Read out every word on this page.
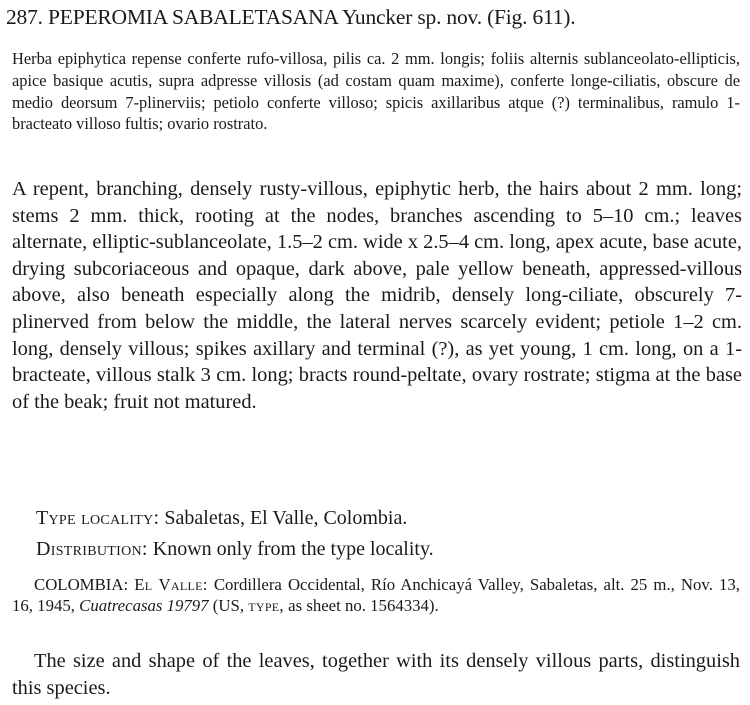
287. PEPEROMIA SABALETASANA Yuncker sp. nov. (Fig. 611).
Herba epiphytica repense conferte rufo-villosa, pilis ca. 2 mm. longis; foliis alternis sublanceolato-ellipticis, apice basique acutis, supra adpresse villosis (ad costam quam maxime), conferte longe-ciliatis, obscure de medio deorsum 7-plinerviis; petiolo conferte villoso; spicis axillaribus atque (?) terminalibus, ramulo 1-bracteato villoso fultis; ovario rostrato.
A repent, branching, densely rusty-villous, epiphytic herb, the hairs about 2 mm. long; stems 2 mm. thick, rooting at the nodes, branches ascending to 5–10 cm.; leaves alternate, elliptic-sublanceolate, 1.5–2 cm. wide x 2.5–4 cm. long, apex acute, base acute, drying subcoriaceous and opaque, dark above, pale yellow beneath, appressed-villous above, also beneath especially along the midrib, densely long-ciliate, obscurely 7-plinerved from below the middle, the lateral nerves scarcely evident; petiole 1–2 cm. long, densely villous; spikes axillary and terminal (?), as yet young, 1 cm. long, on a 1-bracteate, villous stalk 3 cm. long; bracts round-peltate, ovary rostrate; stigma at the base of the beak; fruit not matured.
Type locality: Sabaletas, El Valle, Colombia.
Distribution: Known only from the type locality.
COLOMBIA: El Valle: Cordillera Occidental, Río Anchicayá Valley, Sabaletas, alt. 25 m., Nov. 13, 16, 1945, Cuatrecasas 19797 (US, type, as sheet no. 1564334).
The size and shape of the leaves, together with its densely villous parts, distinguish this species.
